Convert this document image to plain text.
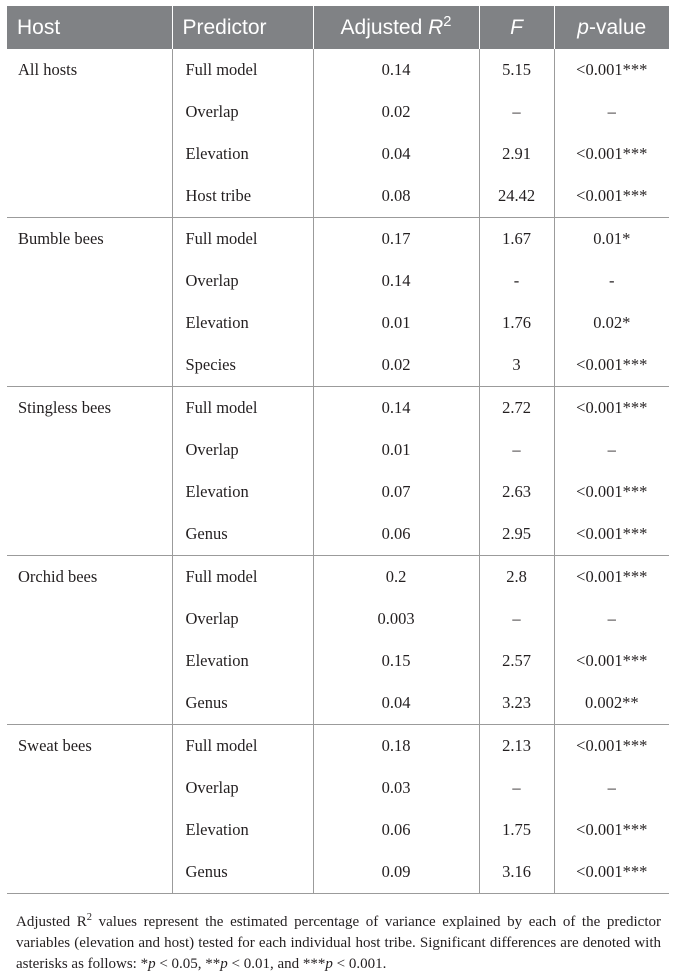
Host	Predictor	Adjusted $R^2$	F	p-value
All hosts	Full model	0.14	5.15	<0.001***
	Overlap	0.02	–	–
	Elevation	0.04	2.91	<0.001***
	Host tribe	0.08	24.42	<0.001***
Bumble bees	Full model	0.17	1.67	0.01*
	Overlap	0.14	-	-
	Elevation	0.01	1.76	0.02*
	Species	0.02	3	<0.001***
Stingless bees	Full model	0.14	2.72	<0.001***
	Overlap	0.01	–	–
	Elevation	0.07	2.63	<0.001***
	Genus	0.06	2.95	<0.001***
Orchid bees	Full model	0.2	2.8	<0.001***
	Overlap	0.003	–	–
	Elevation	0.15	2.57	<0.001***
	Genus	0.04	3.23	0.002**
Sweat bees	Full model	0.18	2.13	<0.001***
	Overlap	0.03	–	–
	Elevation	0.06	1.75	<0.001***
	Genus	0.09	3.16	<0.001***
Adjusted $R^2$ values represent the estimated percentage of variance explained by each of the predictor variables (elevation and host) tested for each individual host tribe. Significant differences are denoted with asterisks as follows: *p < 0.05, **p < 0.01, and ***p < 0.001.
